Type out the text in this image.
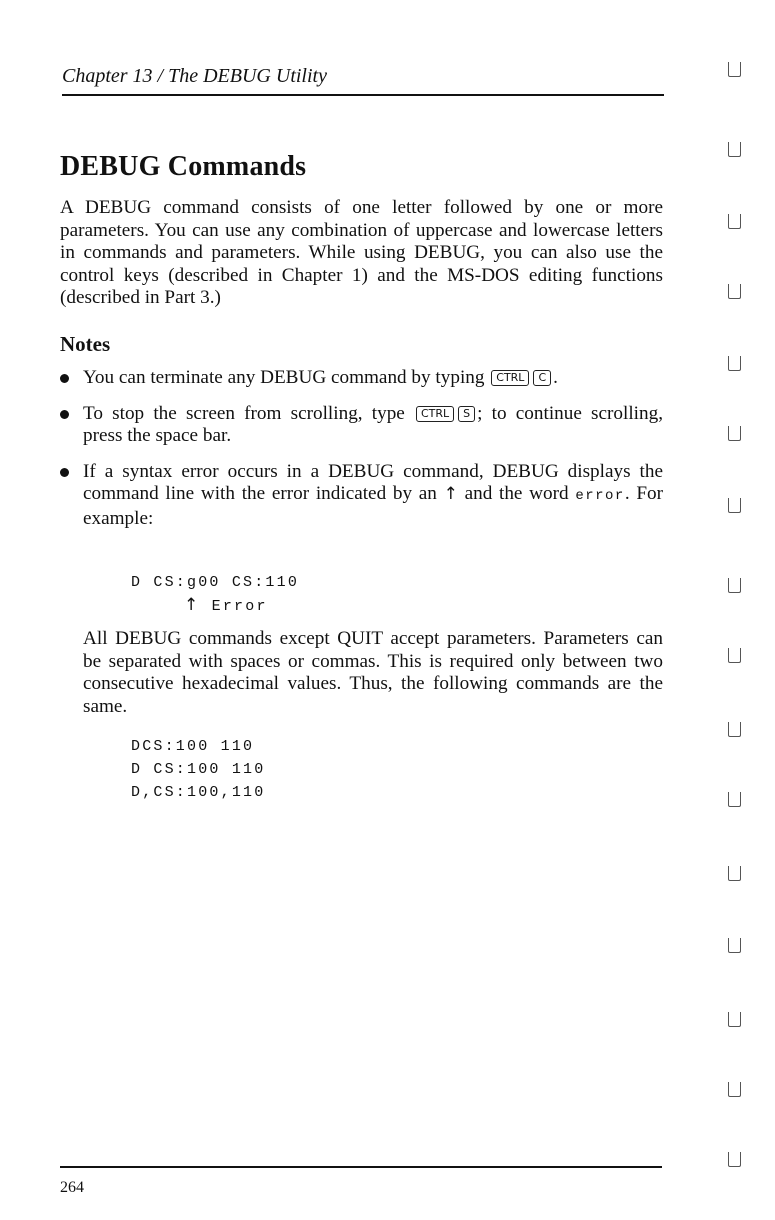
Chapter 13 / The DEBUG Utility
DEBUG Commands

A DEBUG command consists of one letter followed by one or more parameters. You can use any combination of uppercase and lowercase letters in commands and parameters. While using DEBUG, you can also use the control keys (described in Chapter 1) and the MS-DOS editing functions (described in Part 3.)

Notes
You can terminate any DEBUG command by typing CTRL C .
To stop the screen from scrolling, type CTRL S ; to continue scrolling, press the space bar.
If a syntax error occurs in a DEBUG command, DEBUG displays the command line with the error indicated by an ↑ and the word error. For example:
D CS:g00 CS:110
↑ Error

All DEBUG commands except QUIT accept parameters. Parameters can be separated with spaces or commas. This is required only between two consecutive hexadecimal values. Thus, the following commands are the same.

DCS:100 110
D CS:100 110
D,CS:100,110
264
